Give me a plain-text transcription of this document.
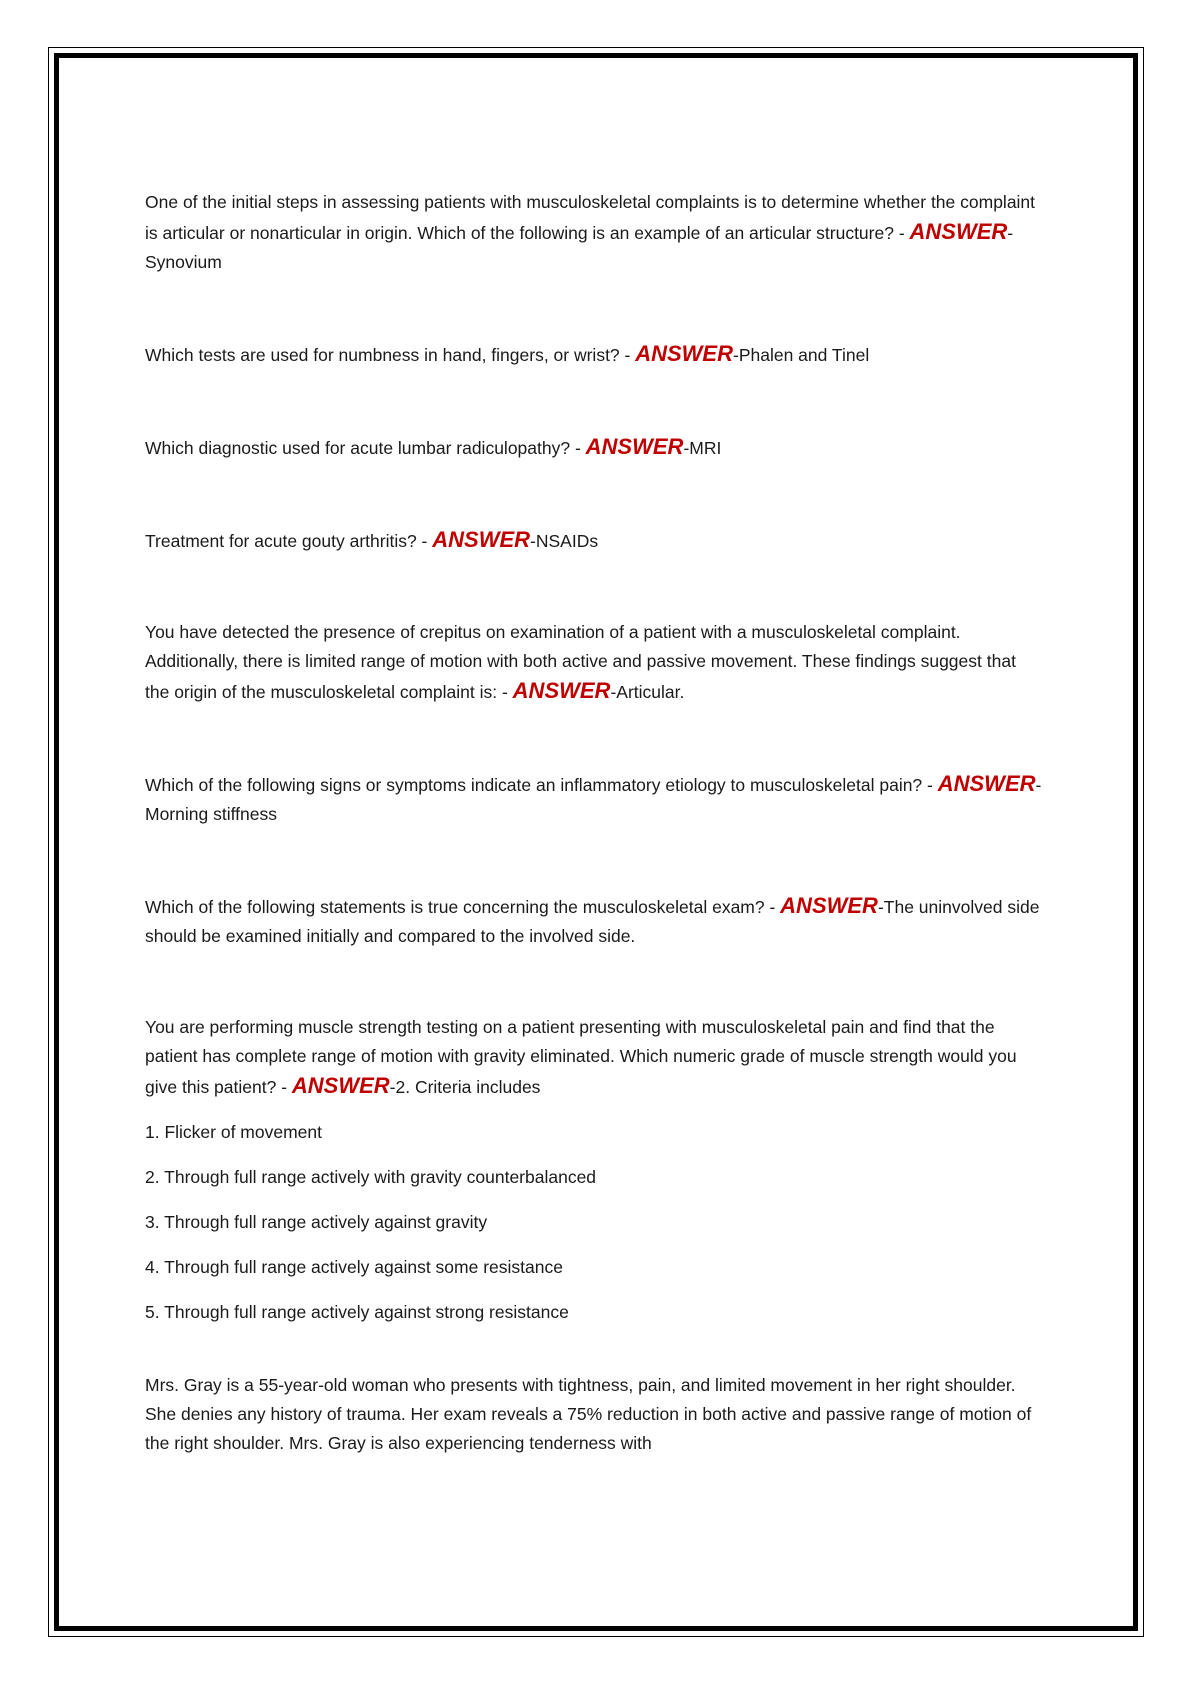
One of the initial steps in assessing patients with musculoskeletal complaints is to determine whether the complaint is articular or nonarticular in origin. Which of the following is an example of an articular structure? - ANSWER-Synovium

Which tests are used for numbness in hand, fingers, or wrist? - ANSWER-Phalen and Tinel

Which diagnostic used for acute lumbar radiculopathy? - ANSWER-MRI

Treatment for acute gouty arthritis? - ANSWER-NSAIDs

You have detected the presence of crepitus on examination of a patient with a musculoskeletal complaint. Additionally, there is limited range of motion with both active and passive movement. These findings suggest that the origin of the musculoskeletal complaint is: - ANSWER-Articular.

Which of the following signs or symptoms indicate an inflammatory etiology to musculoskeletal pain? - ANSWER-Morning stiffness

Which of the following statements is true concerning the musculoskeletal exam? - ANSWER-The uninvolved side should be examined initially and compared to the involved side.

You are performing muscle strength testing on a patient presenting with musculoskeletal pain and find that the patient has complete range of motion with gravity eliminated. Which numeric grade of muscle strength would you give this patient? - ANSWER-2. Criteria includes

1. Flicker of movement
2. Through full range actively with gravity counterbalanced
3. Through full range actively against gravity
4. Through full range actively against some resistance
5. Through full range actively against strong resistance

Mrs. Gray is a 55-year-old woman who presents with tightness, pain, and limited movement in her right shoulder. She denies any history of trauma. Her exam reveals a 75% reduction in both active and passive range of motion of the right shoulder. Mrs. Gray is also experiencing tenderness with
